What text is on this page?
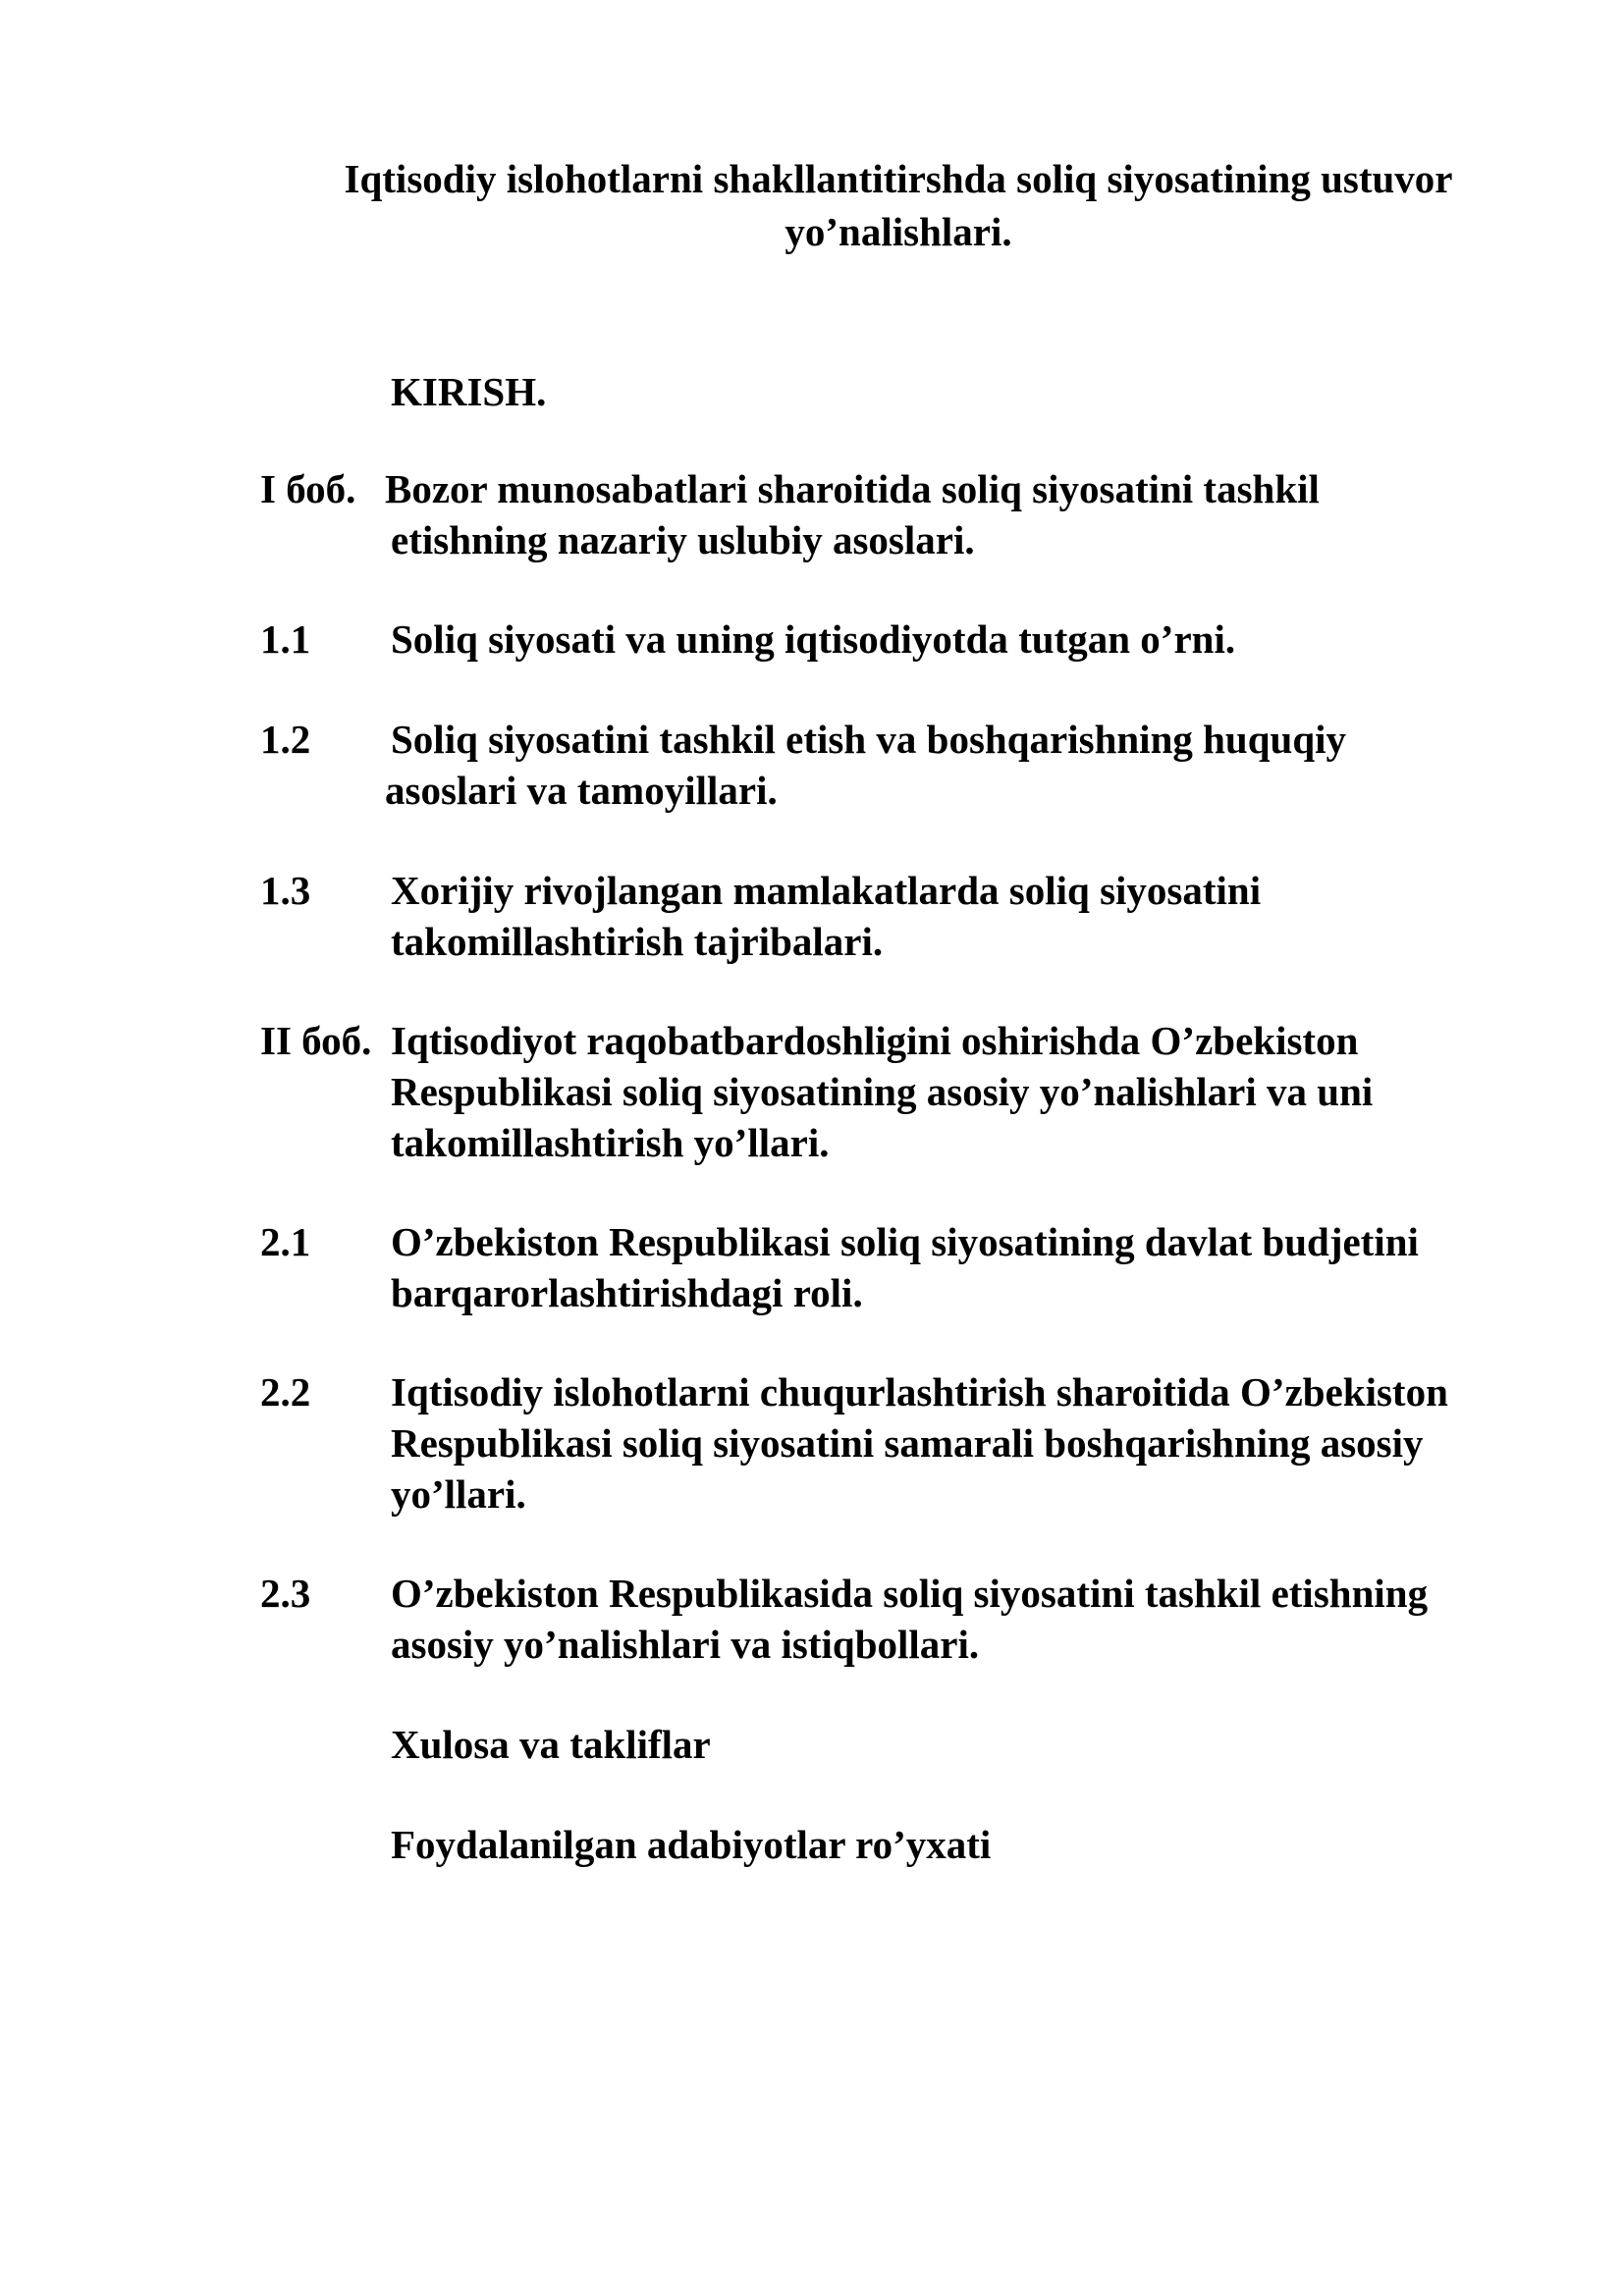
Iqtisodiy islohotlarni shakllantitirshda soliq siyosatining ustuvor
yo’nalishlari.
KIRISH.
I боб. Bozor munosabatlari sharoitida soliq siyosatini tashkil
etishning nazariy uslubiy asoslari.
1.1 Soliq siyosati va uning iqtisodiyotda tutgan o’rni.
1.2 Soliq siyosatini tashkil etish va boshqarishning huquqiy
asoslari va tamoyillari.
1.3 Xorijiy rivojlangan mamlakatlarda soliq siyosatini
takomillashtirish tajribalari.
II боб. Iqtisodiyot raqobatbardoshligini oshirishda O’zbekiston
Respublikasi soliq siyosatining asosiy yo’nalishlari va uni
takomillashtirish yo’llari.
2.1 O’zbekiston Respublikasi soliq siyosatining davlat budjetini
barqarorlashtirishdagi roli.
2.2 Iqtisodiy islohotlarni chuqurlashtirish sharoitida O’zbekiston
Respublikasi soliq siyosatini samarali boshqarishning asosiy
yo’llari.
2.3 O’zbekiston Respublikasida soliq siyosatini tashkil etishning
asosiy yo’nalishlari va istiqbollari.
Xulosa va takliflar
Foydalanilgan adabiyotlar ro’yxati
